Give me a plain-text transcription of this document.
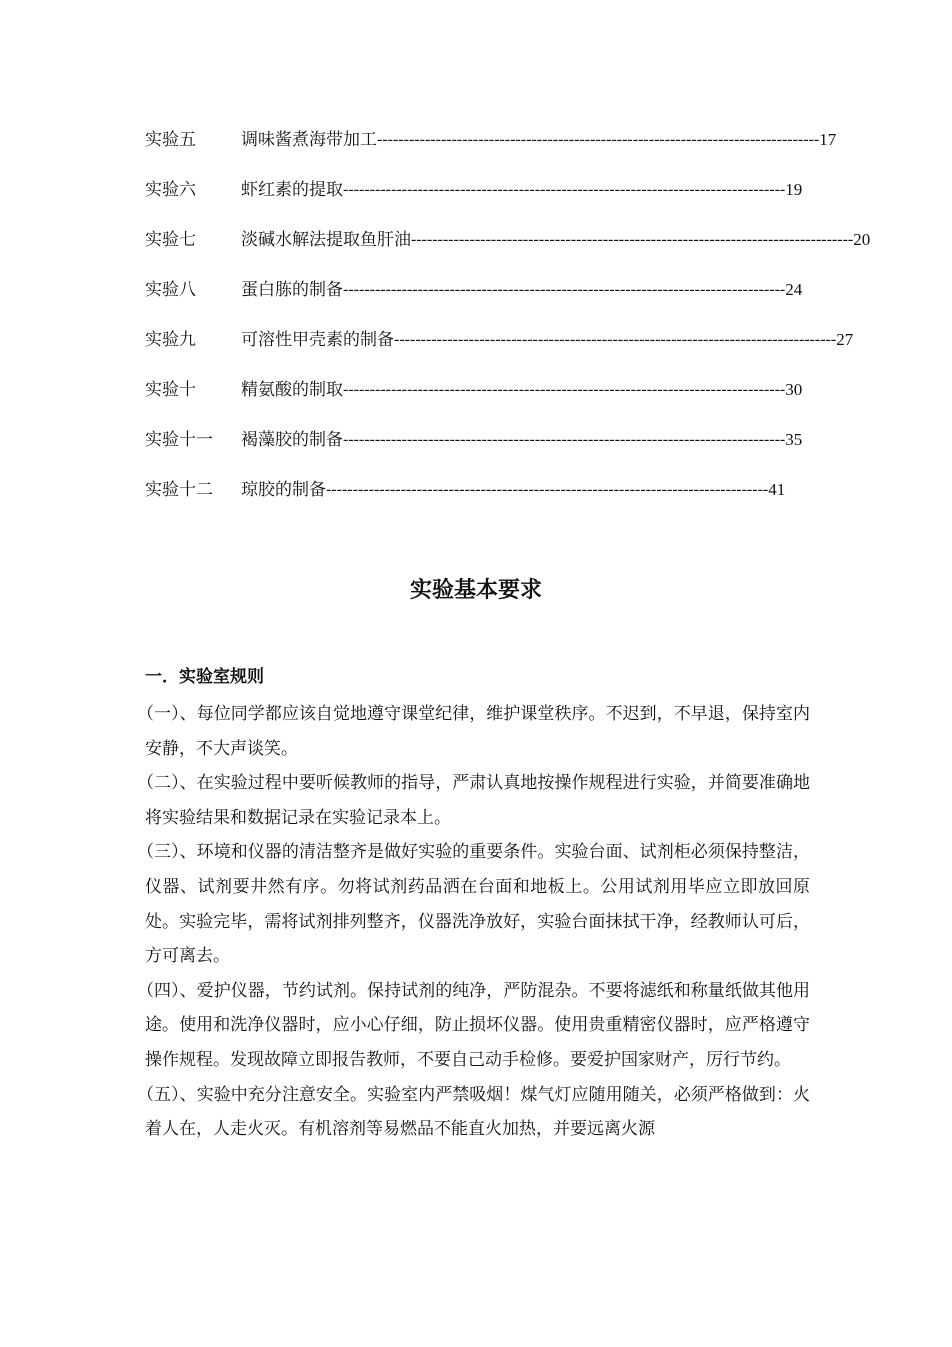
实验五	调味酱煮海带加工 ----------------------------------------------------------------------------------- 17
实验六	虾红素的提取 ----------------------------------------------------------------------------------- 19
实验七	淡碱水解法提取鱼肝油 ----------------------------------------------------------------------------------- 20
实验八	蛋白胨的制备 ----------------------------------------------------------------------------------- 24
实验九	可溶性甲壳素的制备 ----------------------------------------------------------------------------------- 27
实验十	精氨酸的制取 ----------------------------------------------------------------------------------- 30
实验十一	褐藻胶的制备 ----------------------------------------------------------------------------------- 35
实验十二	琼胶的制备 ----------------------------------------------------------------------------------- 41
实验基本要求
一．实验室规则

（一）、每位同学都应该自觉地遵守课堂纪律，维护课堂秩序。不迟到，不早退，保持室内安静，不大声谈笑。

（二）、在实验过程中要听候教师的指导，严肃认真地按操作规程进行实验，并简要准确地将实验结果和数据记录在实验记录本上。

（三）、环境和仪器的清洁整齐是做好实验的重要条件。实验台面、试剂柜必须保持整洁，仪器、试剂要井然有序。勿将试剂药品洒在台面和地板上。公用试剂用毕应立即放回原处。实验完毕，需将试剂排列整齐，仪器洗净放好，实验台面抹拭干净，经教师认可后，方可离去。

（四）、爱护仪器，节约试剂。保持试剂的纯净，严防混杂。不要将滤纸和称量纸做其他用途。使用和洗净仪器时，应小心仔细，防止损坏仪器。使用贵重精密仪器时，应严格遵守操作规程。发现故障立即报告教师，不要自己动手检修。要爱护国家财产，厉行节约。

（五）、实验中充分注意安全。实验室内严禁吸烟！煤气灯应随用随关，必须严格做到：火着人在，人走火灭。有机溶剂等易燃品不能直火加热，并要远离火源
